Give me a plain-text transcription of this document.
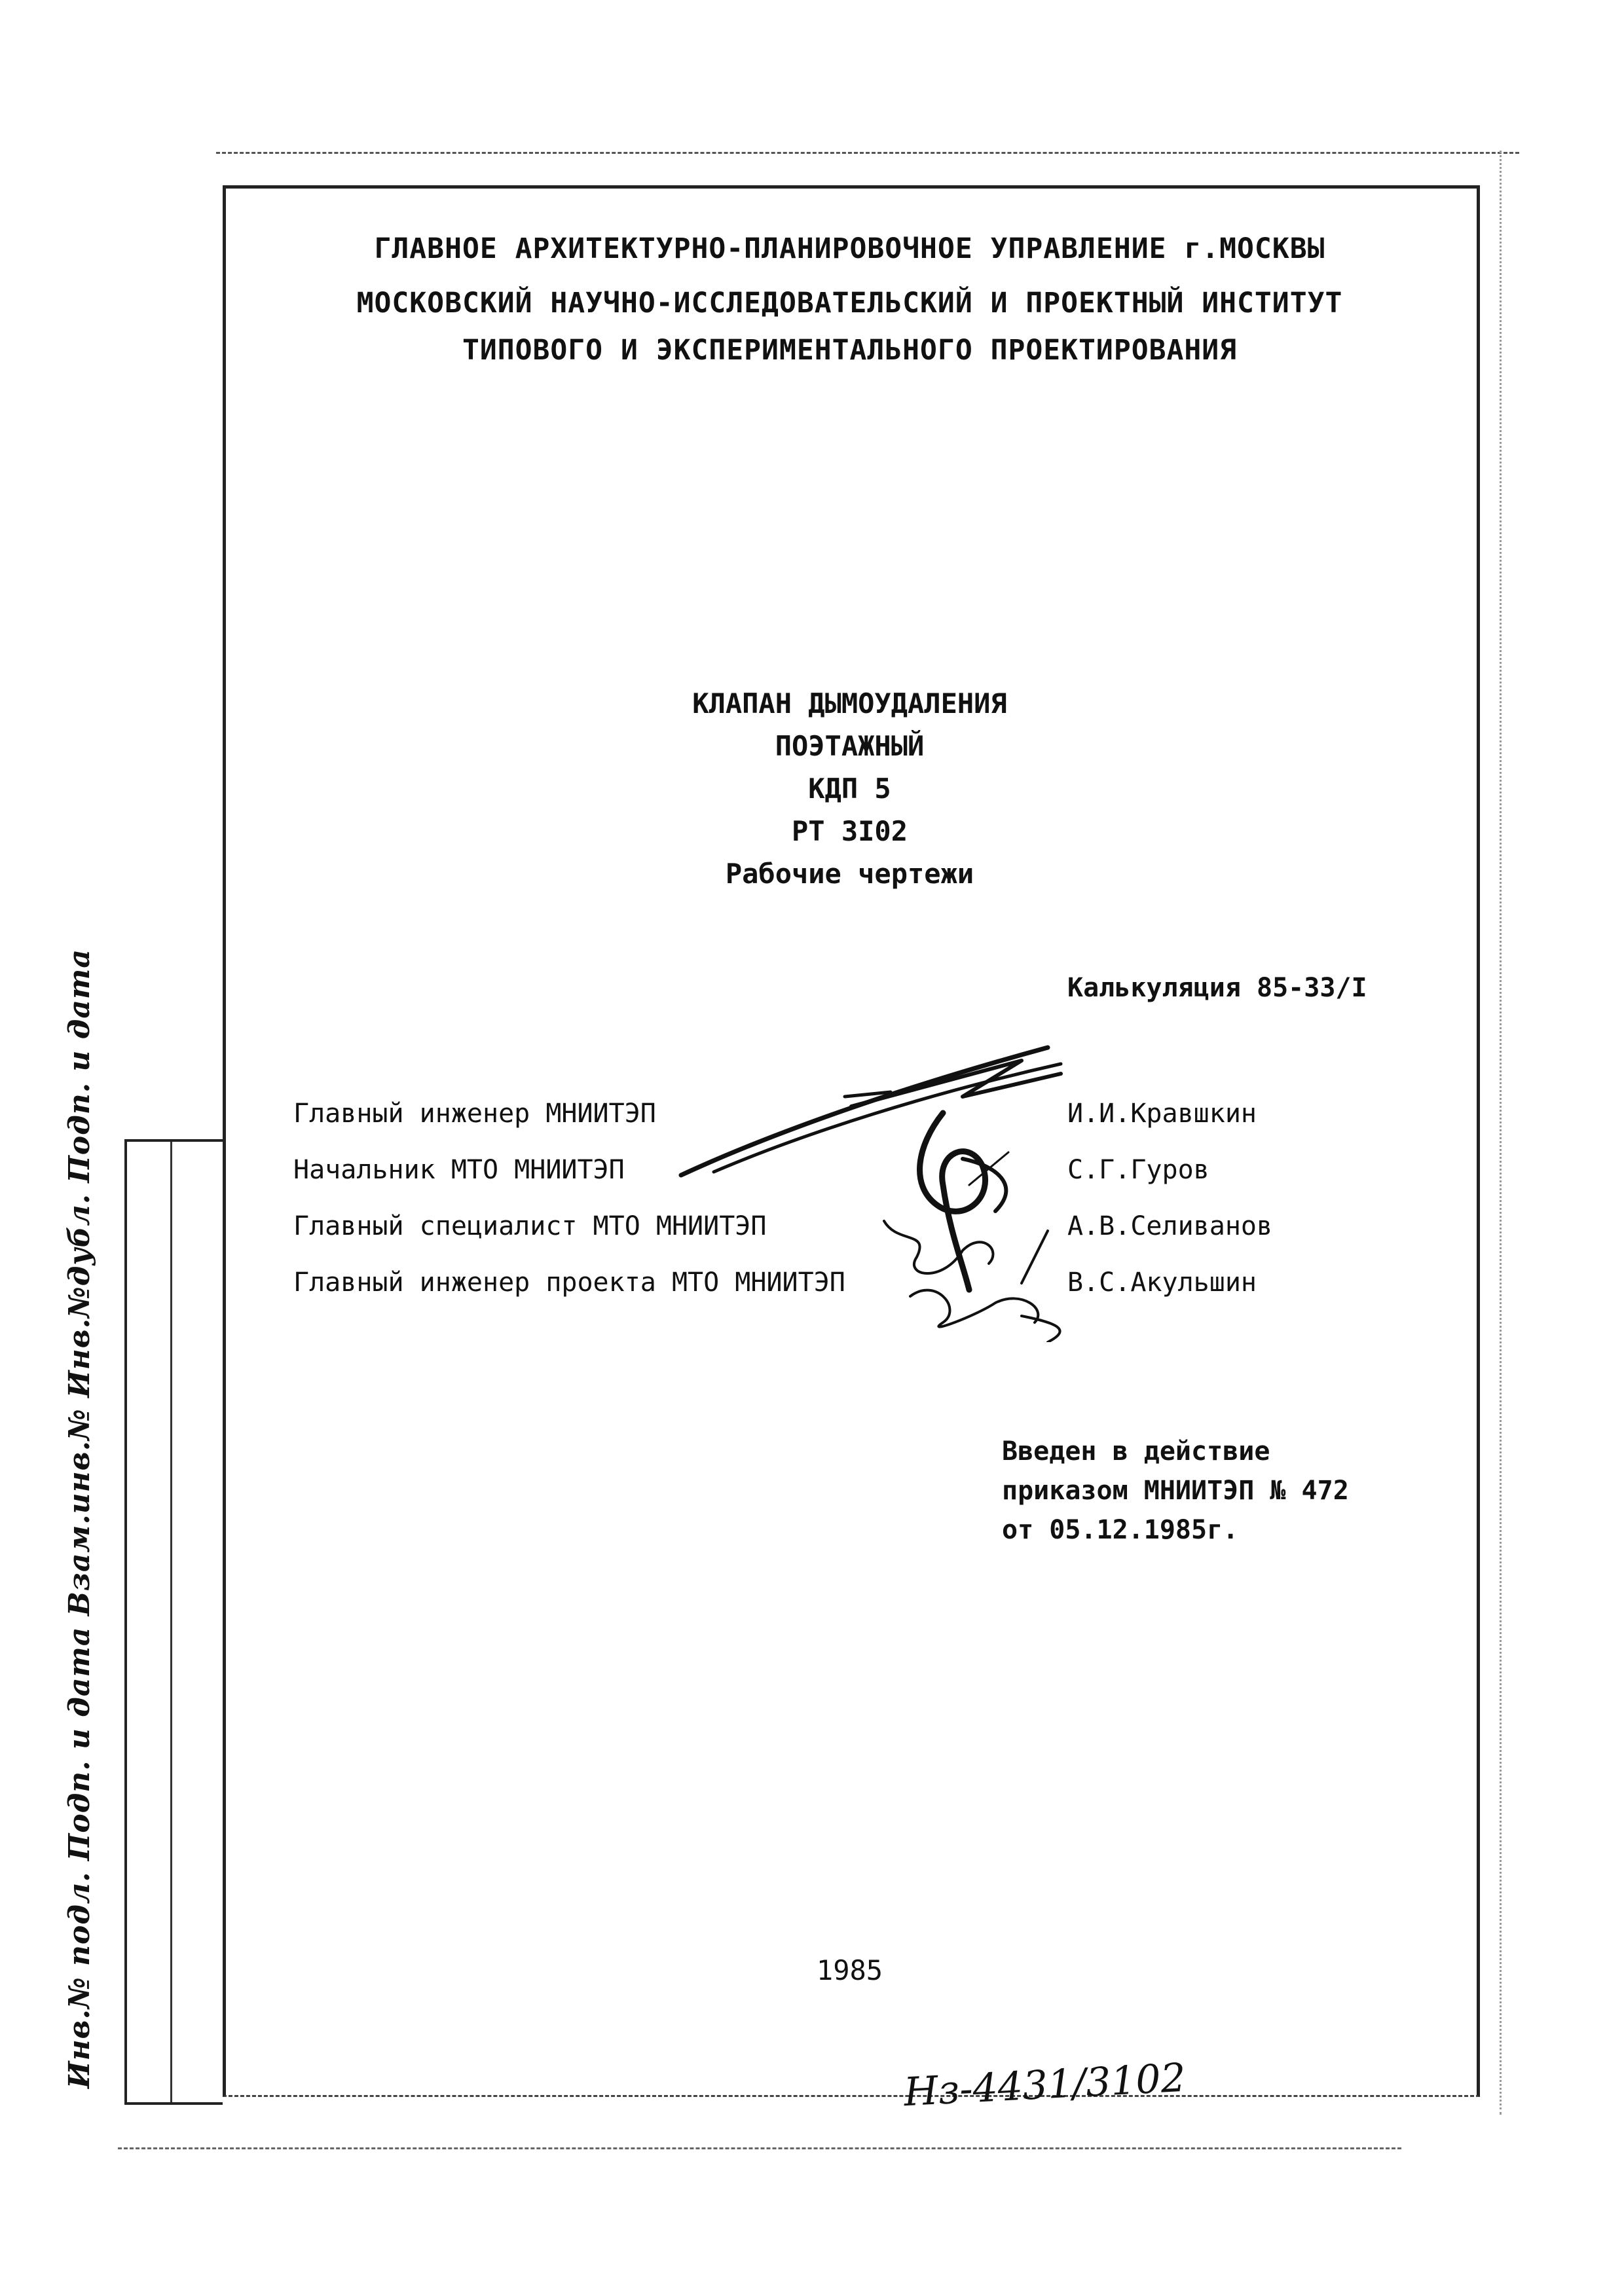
Инв.№ подл. Подп. и дата Взам.инв.№ Инв.№дубл. Подп. и дата
ГЛАВНОЕ АРХИТЕКТУРНО-ПЛАНИРОВОЧНОЕ УПРАВЛЕНИЕ г.МОСКВЫ
МОСКОВСКИЙ НАУЧНО-ИССЛЕДОВАТЕЛЬСКИЙ И ПРОЕКТНЫЙ ИНСТИТУТ
ТИПОВОГО И ЭКСПЕРИМЕНТАЛЬНОГО ПРОЕКТИРОВАНИЯ
КЛАПАН ДЫМОУДАЛЕНИЯ
ПОЭТАЖНЫЙ
КДП 5
РТ 3I02
Рабочие чертежи
Калькуляция 85-33/I
Главный инженер МНИИТЭП	И.И.Кравшкин
Начальник МТО МНИИТЭП	С.Г.Гуров
Главный специалист МТО МНИИТЭП	А.В.Селиванов
Главный инженер проекта МТО МНИИТЭП	В.С.Акульшин
Введен в действие
приказом МНИИТЭП № 472
от 05.12.1985г.
1985
Нз-4431/3102
